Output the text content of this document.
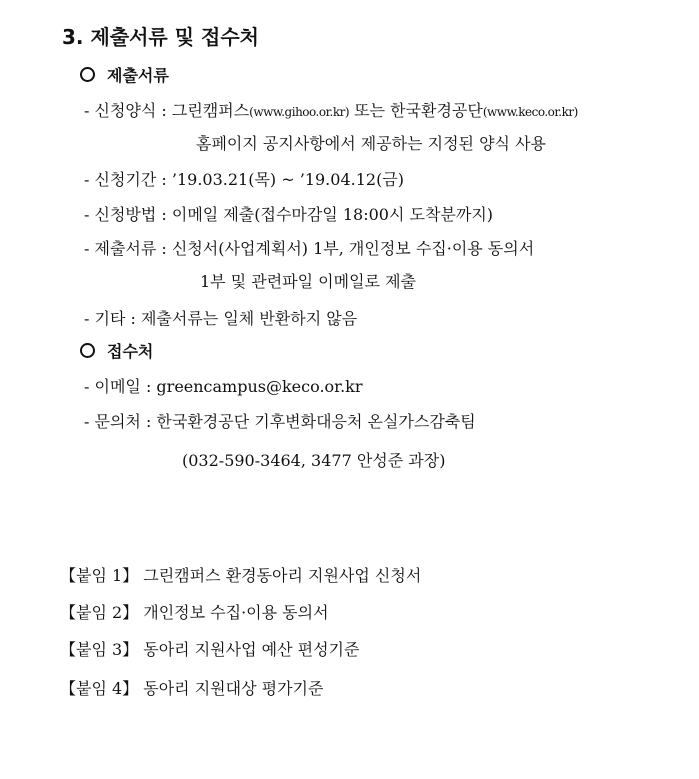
3. 제출서류 및 접수처
제출서류
- 신청양식 : 그린캠퍼스(www.gihoo.or.kr) 또는 한국환경공단(www.keco.or.kr)
홈페이지 공지사항에서 제공하는 지정된 양식 사용
- 신청기간 : ’19.03.21(목) ~ ’19.04.12(금)
- 신청방법 : 이메일 제출(접수마감일 18:00시 도착분까지)
- 제출서류 : 신청서(사업계획서) 1부, 개인정보 수집·이용 동의서
1부 및 관련파일 이메일로 제출
- 기타 : 제출서류는 일체 반환하지 않음
접수처
- 이메일 : greencampus@keco.or.kr
- 문의처 : 한국환경공단 기후변화대응처 온실가스감축팀
(032-590-3464, 3477 안성준 과장)
【붙임 1】 그린캠퍼스 환경동아리 지원사업 신청서
【붙임 2】 개인정보 수집·이용 동의서
【붙임 3】 동아리 지원사업 예산 편성기준
【붙임 4】 동아리 지원대상 평가기준
